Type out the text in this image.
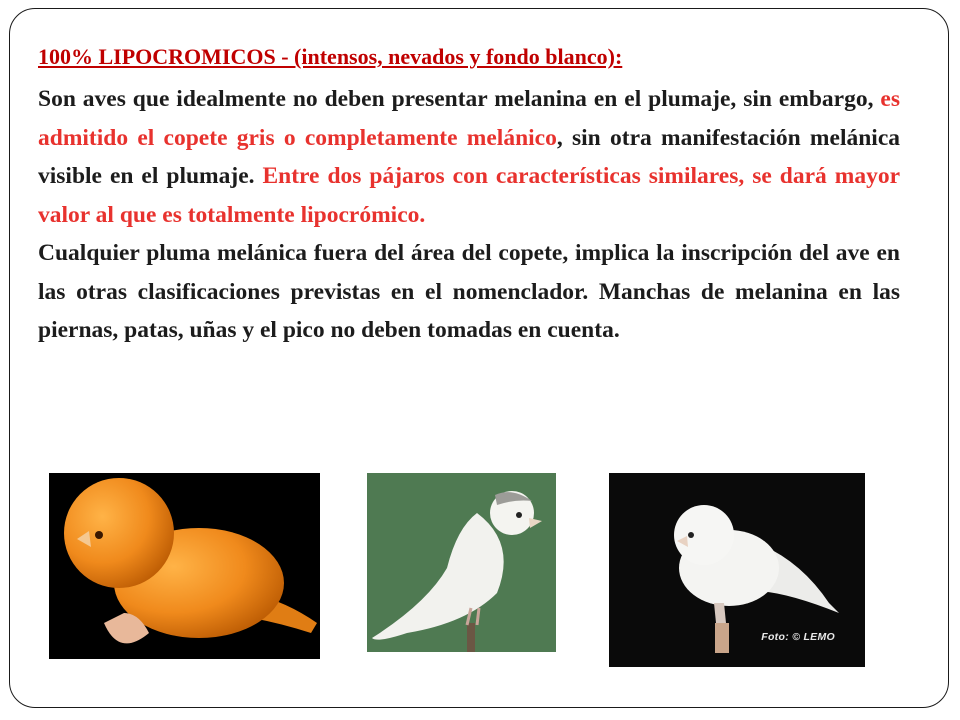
100% LIPOCROMICOS - (intensos, nevados y fondo blanco):

Son aves que idealmente no deben presentar melanina en el plumaje, sin embargo, es admitido el copete gris o completamente melánico, sin otra manifestación melánica visible en el plumaje. Entre dos pájaros con características similares, se dará mayor valor al que es totalmente lipocrómico.
Cualquier pluma melánica fuera del área del copete, implica la inscripción del ave en las otras clasificaciones previstas en el nomenclador. Manchas de melanina en las piernas, patas, uñas y el pico no deben tomadas en cuenta.

Foto: © LEMO
